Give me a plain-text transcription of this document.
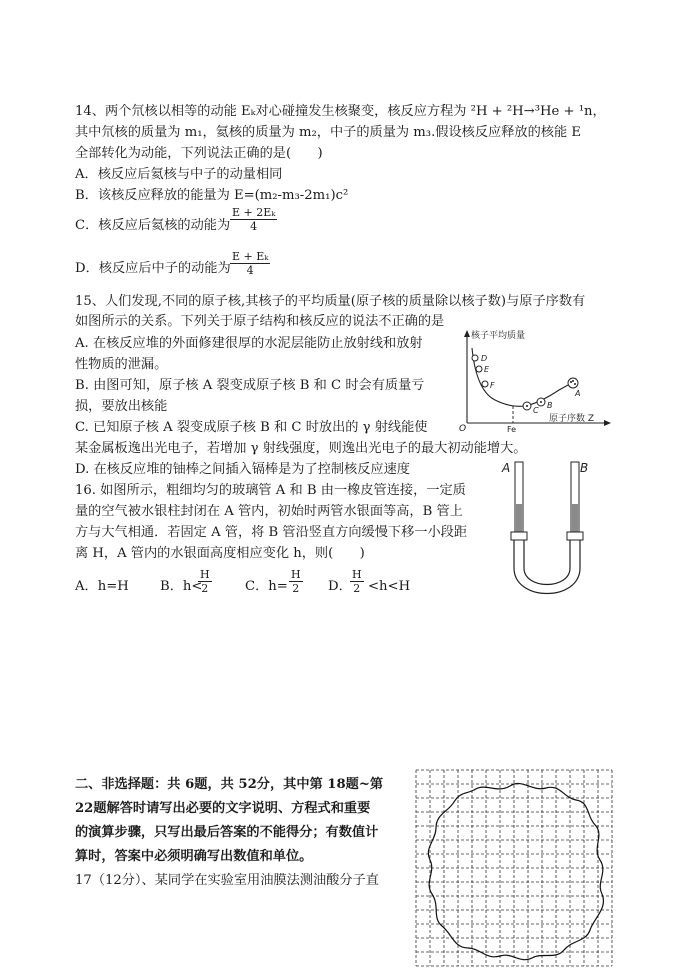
14、两个氘核以相等的动能 Eₖ对心碰撞发生核聚变，核反应方程为 ²H + ²H→³He + ¹n，
其中氘核的质量为 m₁，氦核的质量为 m₂，中子的质量为 m₃.假设核反应释放的核能 E
全部转化为动能，下列说法正确的是(　　)
A．核反应后氦核与中子的动量相同
B．该核反应释放的能量为 E=(m₂-m₃-2m₁)c²
C．核反应后氦核的动能为 $\frac{\text{E + 2Eₖ}}{4}$
D．核反应后中子的动能为 $\frac{\text{E + Eₖ}}{4}$
15、人们发现,不同的原子核,其核子的平均质量(原子核的质量除以核子数)与原子序数有
如图所示的关系。下列关于原子结构和核反应的说法不正确的是
A. 在核反应堆的外面修建很厚的水泥层能防止放射线和放射
性物质的泄漏。
B. 由图可知，原子核 A 裂变成原子核 B 和 C 时会有质量亏
损，要放出核能
C. 已知原子核 A 裂变成原子核 B 和 C 时放出的 γ 射线能使
某金属板逸出光电子，若增加 γ 射线强度，则逸出光电子的最大初动能增大。
D. 在核反应堆的铀棒之间插入镉棒是为了控制核反应速度
核子平均质量
原子序数 Z
O	Fe
D
E
F
C
B
A
16. 如图所示，粗细均匀的玻璃管 A 和 B 由一橡皮管连接，一定质
量的空气被水银柱封闭在 A 管内，初始时两管水银面等高，B 管上
方与大气相通．若固定 A 管，将 B 管沿竖直方向缓慢下移一小段距
离 H，A 管内的水银面高度相应变化 h，则(　　)
A．h=H B．h<
$\frac{H}{2}$	C．$h= \frac{H}{2}$ D．
$\frac{H}{2} <h<H$
A	B
二、非选择题：共 6题，共 52分，其中第 18题~第
22题解答时请写出必要的文字说明、方程式和重要
的演算步骤，只写出最后答案的不能得分；有数值计
算时，答案中必须明确写出数值和单位。
17（12分）、某同学在实验室用油膜法测油酸分子直
